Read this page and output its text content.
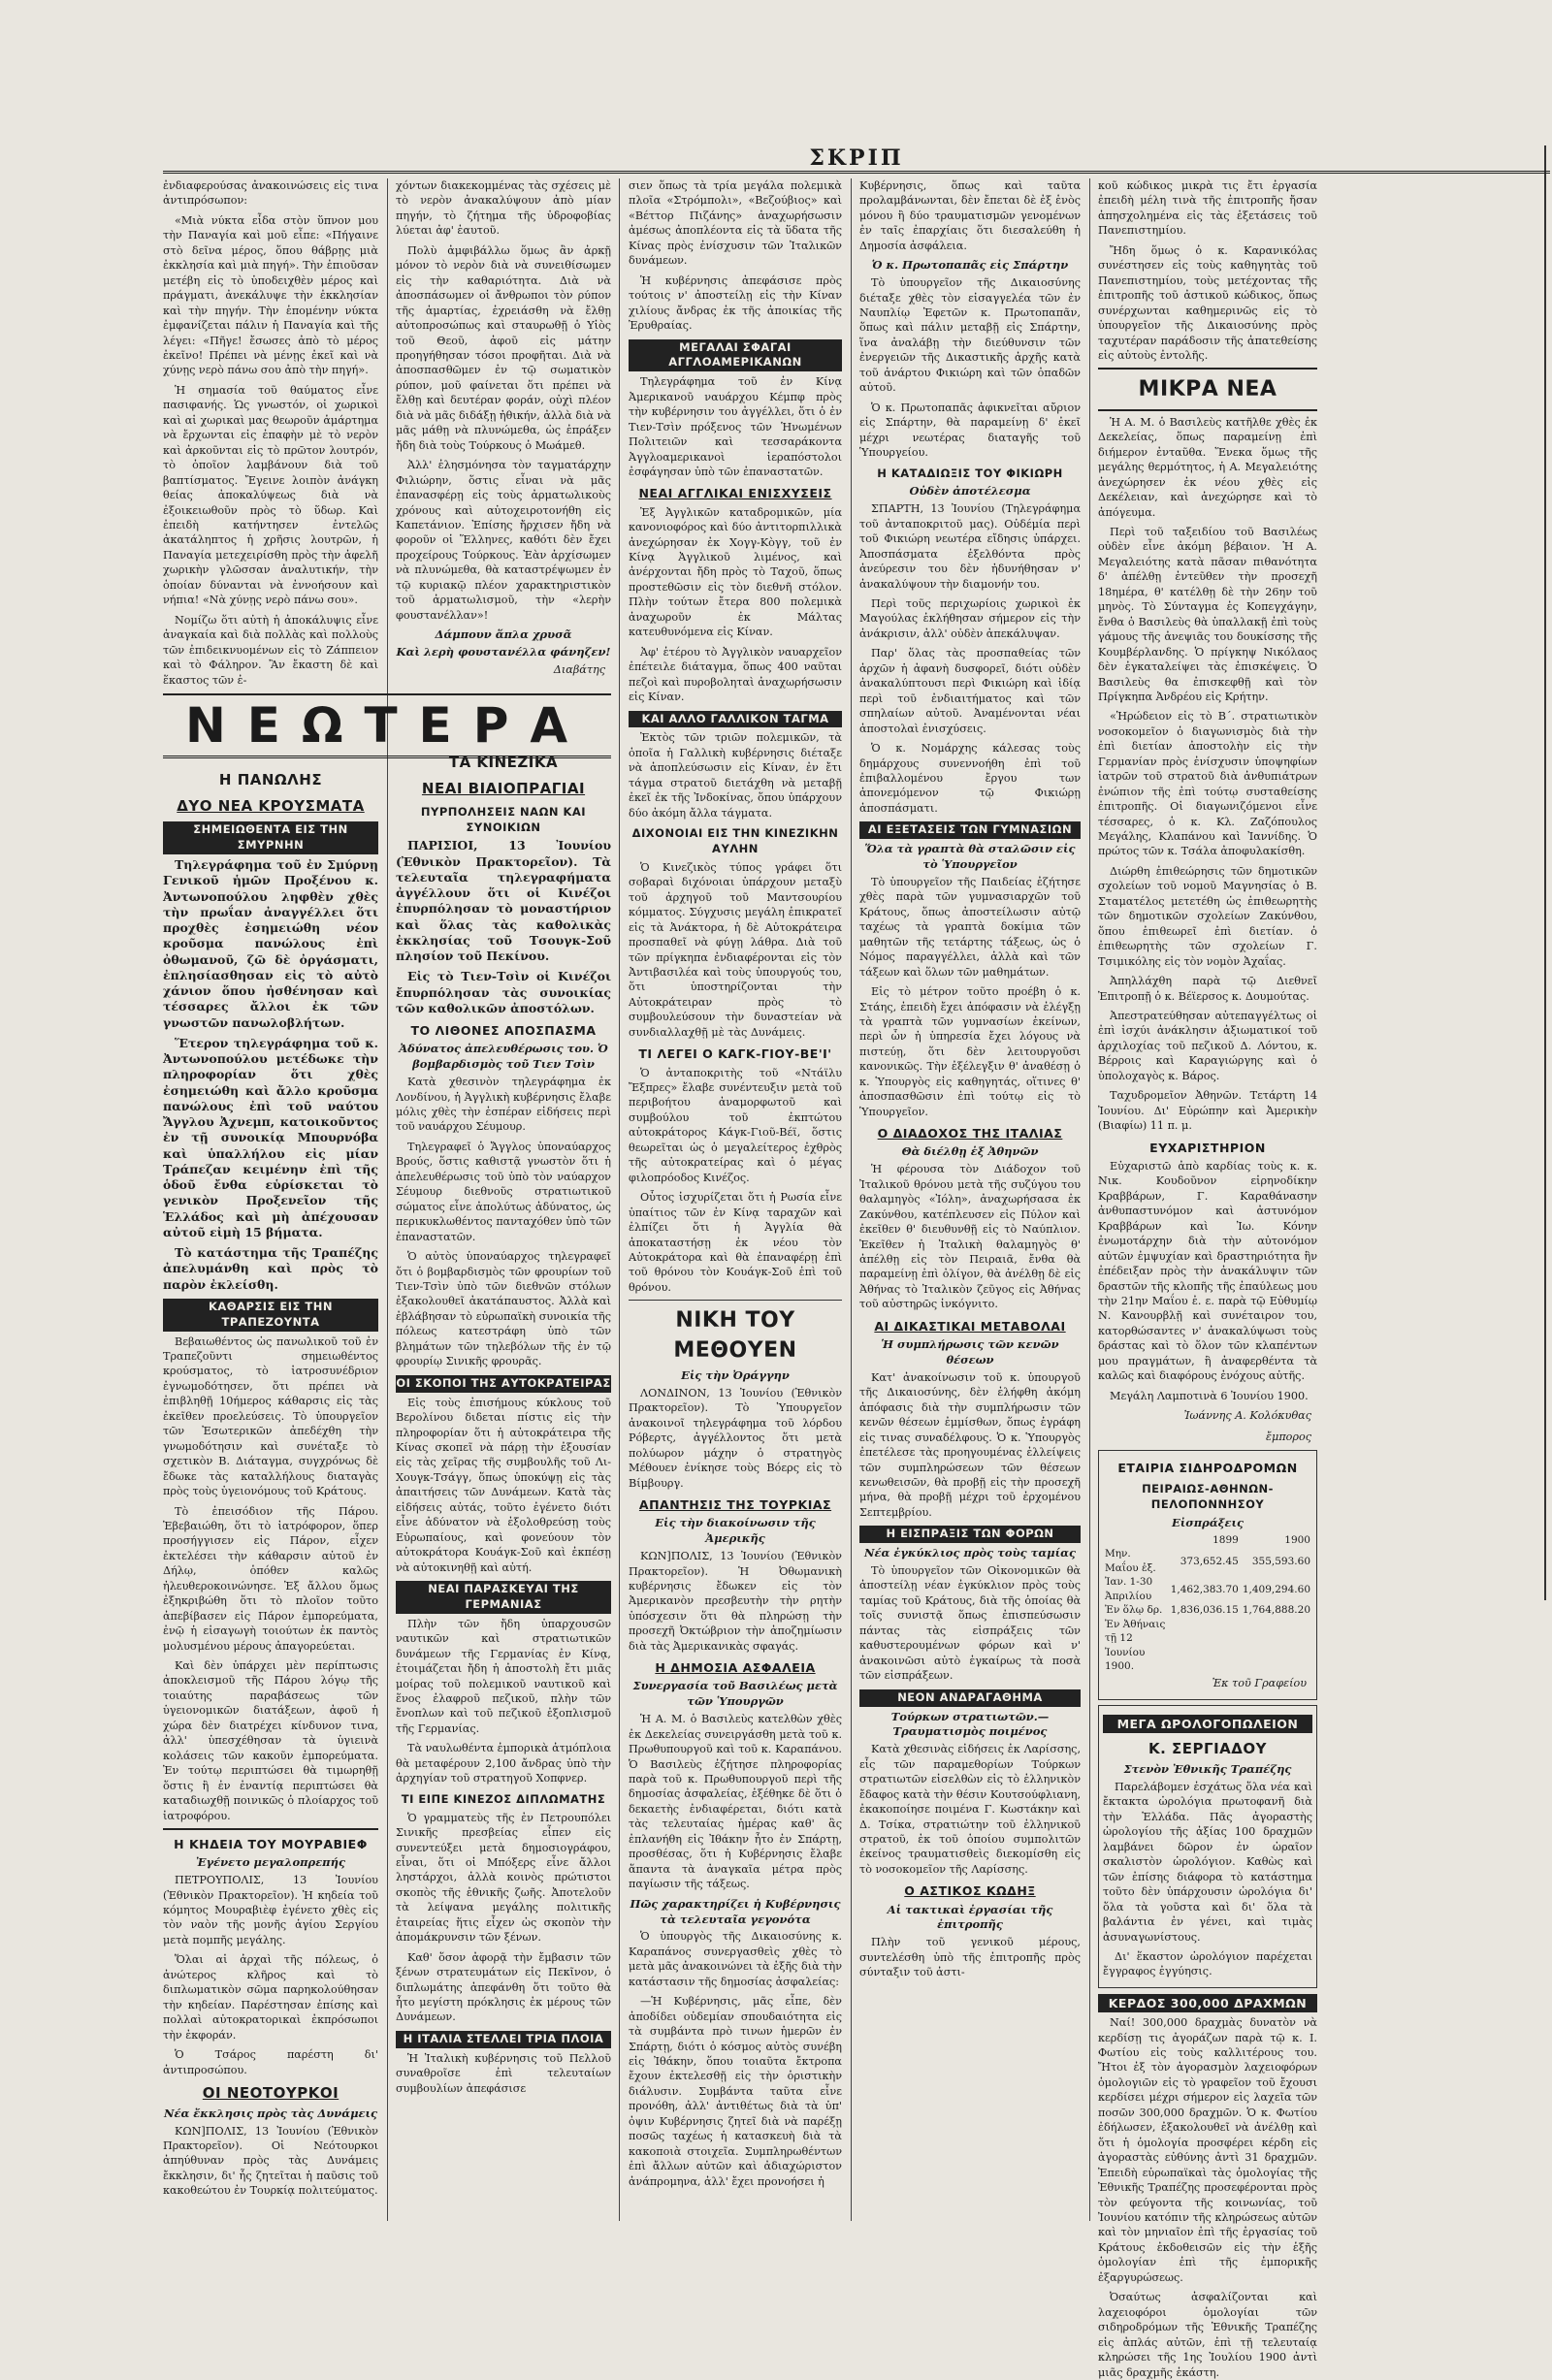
ΣΚΡΙΠ

ἐνδιαφερούσας ἀνακοινώσεις εἰς τινα ἀντιπρόσωπον:

«Μιὰ νύκτα εἶδα στὸν ὕπνον μου τὴν Παναγία καὶ μοῦ εἶπε: «Πήγαινε στὸ δεῖνα μέρος, ὅπου θάβρῃς μιὰ ἐκκλησία καὶ μιὰ πηγή». Τὴν ἐπιοῦσαν μετέβη εἰς τὸ ὑποδειχθὲν μέρος καὶ πράγματι, ἀνεκάλυψε τὴν ἐκκλησίαν καὶ τὴν πηγήν. Τὴν ἑπομένην νύκτα ἐμφανίζεται πάλιν ἡ Παναγία καὶ τῆς λέγει: «Πῆγε! ἔσωσες ἀπὸ τὸ μέρος ἐκεῖνο! Πρέπει νὰ μένῃς ἐκεῖ καὶ νὰ χύνῃς νερὸ πάνω σου ἀπὸ τὴν πηγή».

Ἡ σημασία τοῦ θαύματος εἶνε πασιφανής. Ὡς γνωστόν, οἱ χωρικοὶ καὶ αἱ χωρικαὶ μας θεωροῦν ἁμάρτημα νὰ ἔρχωνται εἰς ἐπαφὴν μὲ τὸ νερὸν καὶ ἀρκοῦνται εἰς τὸ πρῶτον λουτρόν, τὸ ὁποῖον λαμβάνουν διὰ τοῦ βαπτίσματος. Ἔγεινε λοιπὸν ἀνάγκη θείας ἀποκαλύψεως διὰ νὰ ἐξοικειωθοῦν πρὸς τὸ ὕδωρ. Καὶ ἐπειδὴ κατήντησεν ἐντελῶς ἀκατάληπτος ἡ χρῆσις λουτρῶν, ἡ Παναγία μετεχειρίσθη πρὸς τὴν ἀφελῆ χωρικὴν γλῶσσαν ἀναλυτικήν, τὴν ὁποίαν δύνανται νὰ ἐννοήσουν καὶ νήπια! «Νὰ χύνῃς νερὸ πάνω σου».

Νομίζω ὅτι αὐτὴ ἡ ἀποκάλυψις εἶνε ἀναγκαία καὶ διὰ πολλὰς καὶ πολλοὺς τῶν ἐπιδεικνυομένων εἰς τὸ Ζάππειον καὶ τὸ Φάληρον. Ἂν ἔκαστη δὲ καὶ ἕκαστος τῶν ἐ-

Η ΠΑΝΩΛΗΣ
ΔΥΟ ΝΕΑ ΚΡΟΥΣΜΑΤΑ
ΣΗΜΕΙΩΘΕΝΤΑ ΕΙΣ ΤΗΝ ΣΜΥΡΝΗΝ

Τηλεγράφημα τοῦ ἐν Σμύρνῃ Γενικοῦ ἡμῶν Προξένου κ. Ἀντωνοπούλου ληφθὲν χθὲς τὴν πρωΐαν ἀναγγέλλει ὅτι προχθὲς ἐσημειώθη νέον κροῦσμα πανώλους ἐπὶ ὀθωμανοῦ, ζῶ δὲ ὀργάσματι, ἐπλησίασθησαν εἰς τὸ αὐτὸ χάνιον ὅπου ἠσθένησαν καὶ τέσσαρες ἄλλοι ἐκ τῶν γνωστῶν πανωλοβλήτων.

Ἕτερον τηλεγράφημα τοῦ κ. Ἀντωνοπούλου μετέδωκε τὴν πληροφορίαν ὅτι χθὲς ἐσημειώθη καὶ ἄλλο κροῦσμα πανώλους ἐπὶ τοῦ ναύτου Ἄγγλου Ἀχνεμπ, κατοικοῦντος ἐν τῇ συνοικίᾳ Μπουρνόβα καὶ ὑπαλλήλου εἰς μίαν Τράπεζαν κειμένην ἐπὶ τῆς ὁδοῦ ἔνθα εὑρίσκεται τὸ γενικὸν Προξενεῖον τῆς Ἑλλάδος καὶ μὴ ἀπέχουσαν αὐτοῦ εἰμὴ 15 βήματα.

Τὸ κατάστημα τῆς Τραπέζης ἀπελυμάνθη καὶ πρὸς τὸ παρὸν ἐκλείσθη.

ΚΑΘΑΡΣΙΣ ΕΙΣ ΤΗΝ ΤΡΑΠΕΖΟΥΝΤΑ

Βεβαιωθέντος ὡς πανωλικοῦ τοῦ ἐν Τραπεζοῦντι σημειωθέντος κρούσματος, τὸ ἰατροσυνέδριον ἐγνωμοδότησεν, ὅτι πρέπει νὰ ἐπιβληθῇ 10ήμερος κάθαρσις εἰς τὰς ἐκεῖθεν προελεύσεις. Τὸ ὑπουργεῖον τῶν Ἐσωτερικῶν ἀπεδέχθη τὴν γνωμοδότησιν καὶ συνέταξε τὸ σχετικὸν Β. Διάταγμα, συγχρόνως δὲ ἔδωκε τὰς καταλλήλους διαταγὰς πρὸς τοὺς ὑγειονόμους τοῦ Κράτους.

Τὸ ἐπεισόδιον τῆς Πάρου. Ἐβεβαιώθη, ὅτι τὸ ἰατρόφορον, ὅπερ προσήγγισεν εἰς Πάρον, εἶχεν ἐκτελέσει τὴν κάθαρσιν αὐτοῦ ἐν Δήλῳ, ὁπόθεν καλῶς ἠλευθεροκοινώνησε. Ἐξ ἄλλου ὅμως ἐξηκριβώθη ὅτι τὸ πλοῖον τοῦτο ἀπεβίβασεν εἰς Πάρον ἐμπορεύματα, ἐνῷ ἡ εἰσαγωγὴ τοιούτων ἐκ παντὸς μολυσμένου μέρους ἀπαγορεύεται.

Καὶ δὲν ὑπάρχει μὲν περίπτωσις ἀποκλεισμοῦ τῆς Πάρου λόγῳ τῆς τοιαύτης παραβάσεως τῶν ὑγειονομικῶν διατάξεων, ἀφοῦ ἡ χώρα δὲν διατρέχει κίνδυνον τινα, ἀλλ' ὑπεσχέθησαν τὰ ὑγιεινὰ κολάσεις τῶν κακοῦν ἐμπορεύματα. Ἐν τούτῳ περιπτώσει θὰ τιμωρηθῇ ὅστις ἢ ἐν ἐναντίᾳ περιπτώσει θὰ καταδιωχθῇ ποινικῶς ὁ πλοίαρχος τοῦ ἰατροφόρου.

Η ΚΗΔΕΙΑ ΤΟΥ ΜΟΥΡΑΒΙΕΦ
Ἐγένετο μεγαλοπρεπής

ΠΕΤΡΟΥΠΟΛΙΣ, 13 Ἰουνίου (Ἐθνικὸν Πρακτορεῖον). Ἡ κηδεία τοῦ κόμητος Μουραβιὲφ ἐγένετο χθὲς εἰς τὸν ναὸν τῆς μονῆς ἁγίου Σεργίου μετὰ πομπῆς μεγάλης.

Ὅλαι αἱ ἀρχαὶ τῆς πόλεως, ὁ ἀνώτερος κλῆρος καὶ τὸ διπλωματικὸν σῶμα παρηκολούθησαν τὴν κηδείαν. Παρέστησαν ἐπίσης καὶ πολλαὶ αὐτοκρατορικαὶ ἐκπρόσωποι τὴν ἐκφοράν.

Ὁ Τσάρος παρέστη δι' ἀντιπροσώπου.

ΟΙ ΝΕΟΤΟΥΡΚΟΙ
Νέα ἔκκλησις πρὸς τὰς Δυνάμεις

ΚΩΝ]ΠΟΛΙΣ, 13 Ἰουνίου (Ἐθνικὸν Πρακτορεῖον). Οἱ Νεότουρκοι ἀπηύθυναν πρὸς τὰς Δυνάμεις ἔκκλησιν, δι' ἧς ζητεῖται ἡ παῦσις τοῦ κακοθεώτου ἐν Τουρκίᾳ πολιτεύματος.

χόντων διακεκομμένας τὰς σχέσεις μὲ τὸ νερὸν ἀνακαλύψουν ἀπὸ μίαν πηγήν, τὸ ζήτημα τῆς ὑδροφοβίας λύεται ἀφ' ἑαυτοῦ.

Πολὺ ἀμφιβάλλω ὅμως ἂν ἀρκῇ μόνον τὸ νερὸν διὰ νὰ συνειθίσωμεν εἰς τὴν καθαριότητα. Διὰ νὰ ἀποσπάσωμεν οἱ ἄνθρωποι τὸν ρύπον τῆς ἁμαρτίας, ἐχρειάσθη νὰ ἔλθῃ αὐτοπροσώπως καὶ σταυρωθῇ ὁ Υἱὸς τοῦ Θεοῦ, ἀφοῦ εἰς μάτην προηγήθησαν τόσοι προφῆται. Διὰ νὰ ἀποσπασθῶμεν ἐν τῷ σωματικὸν ρύπον, μοῦ φαίνεται ὅτι πρέπει νὰ ἔλθῃ καὶ δευτέραν φοράν, οὐχὶ πλέον διὰ νὰ μᾶς διδάξῃ ἠθικήν, ἀλλὰ διὰ νὰ μᾶς μάθῃ νὰ πλυνώμεθα, ὡς ἐπράξεν ἤδη διὰ τοὺς Τούρκους ὁ Μωάμεθ.

Ἀλλ' ἐλησμόνησα τὸν ταγματάρχην Φιλιώρην, ὅστις εἶναι νὰ μᾶς ἐπανασφέρῃ εἰς τοὺς ἀρματωλικοὺς χρόνους καὶ αὐτοχειροτονήθη εἰς Καπετάνιον. Ἐπίσης ἤρχισεν ἤδη νὰ φοροῦν οἱ Ἕλληνες, καθότι δὲν ἔχει προχείρους Τούρκους. Ἐὰν ἀρχίσωμεν νὰ πλυνώμεθα, θὰ καταστρέψωμεν ἐν τῷ κυριακῷ πλέον χαρακτηριστικὸν τοῦ ἀρματωλισμοῦ, τὴν «λερὴν φουστανέλλαν»!

Δάμπουν ἅπλα χρυσᾶ
Καὶ λερὴ φουστανέλλα φάνηζεν!
Διαβάτης
ΤΑ ΚΙΝΕΖΙΚΑ
ΝΕΑΙ ΒΙΑΙΟΠΡΑΓΙΑΙ
ΠΥΡΠΟΛΗΣΕΙΣ ΝΑΩΝ ΚΑΙ ΣΥΝΟΙΚΙΩΝ

ΠΑΡΙΣΙΟΙ, 13 Ἰουνίου (Ἐθνικὸν Πρακτορεῖον). Τὰ τελευταῖα τηλεγραφήματα ἀγγέλλουν ὅτι οἱ Κινέζοι ἐπυρπόλησαν τὸ μοναστήριον καὶ ὅλας τὰς καθολικὰς ἐκκλησίας τοῦ Τσουγκ-Σοῦ πλησίον τοῦ Πεκίνου.

Εἰς τὸ Τιεν-Τσὶν οἱ Κινέζοι ἔπυρπόλησαν τὰς συνοικίας τῶν καθολικῶν ἀποστόλων.

ΤΟ ΛΙΘΟΝΕΣ ΑΠΟΣΠΑΣΜΑ
Ἀδύνατος ἀπελευθέρωσις του. Ὁ βομβαρδισμὸς τοῦ Τιεν Τσὶν

Κατὰ χθεσινὸν τηλεγράφημα ἐκ Λονδίνου, ἡ Ἀγγλικὴ κυβέρνησις ἔλαβε μόλις χθὲς τὴν ἐσπέραν εἰδήσεις περὶ τοῦ ναυάρχου Σέυμουρ.

Τηλεγραφεῖ ὁ Ἄγγλος ὑποναύαρχος Βρούς, ὅστις καθιστᾷ γνωστὸν ὅτι ἡ ἀπελευθέρωσις τοῦ ὑπὸ τὸν ναύαρχον Σέυμουρ διεθνοῦς στρατιωτικοῦ σώματος εἶνε ἀπολύτως ἀδύνατος, ὡς περικυκλωθέντος πανταχόθεν ὑπὸ τῶν ἐπαναστατῶν.

Ὁ αὐτὸς ὑποναύαρχος τηλεγραφεῖ ὅτι ὁ βομβαρδισμὸς τῶν φρουρίων τοῦ Τιεν-Τσὶν ὑπὸ τῶν διεθνῶν στόλων ἐξακολουθεῖ ἀκατάπαυστος. Ἀλλὰ καὶ ἐβλάβησαν τὸ εὐρωπαϊκὴ συνοικία τῆς πόλεως κατεστράφη ὑπὸ τῶν βλημάτων τῶν τηλεβόλων τῆς ἐν τῷ φρουρίῳ Σινικῆς φρουρᾶς.

ΟΙ ΣΚΟΠΟΙ ΤΗΣ ΑΥΤΟΚΡΑΤΕΙΡΑΣ

Εἰς τοὺς ἐπισήμους κύκλους τοῦ Βερολίνου διδεται πίστις εἰς τὴν πληροφορίαν ὅτι ἡ αὐτοκράτειρα τῆς Κίνας σκοπεῖ νὰ πάρῃ τὴν ἐξουσίαν εἰς τὰς χεῖρας τῆς συμβουλῆς τοῦ Λι-Χουγκ-Τσάγγ, ὅπως ὑποκύψῃ εἰς τὰς ἀπαιτήσεις τῶν Δυνάμεων. Κατὰ τὰς εἰδήσεις αὐτάς, τοῦτο ἐγένετο διότι εἶνε ἀδύνατον νὰ ἐξολοθρεύσῃ τοὺς Εὐρωπαίους, καὶ φονεύουν τὸν αὐτοκράτορα Κουάγκ-Σοῦ καὶ ἐκπέσῃ νὰ αὐτοκινηθῇ καὶ αὐτή.

ΝΕΑΙ ΠΑΡΑΣΚΕΥΑΙ ΤΗΣ ΓΕΡΜΑΝΙΑΣ

Πλὴν τῶν ἤδη ὑπαρχουσῶν ναυτικῶν καὶ στρατιωτικῶν δυνάμεων τῆς Γερμανίας ἐν Κίνᾳ, ἑτοιμάζεται ἤδη ἡ ἀποστολὴ ἔτι μιᾶς μοίρας τοῦ πολεμικοῦ ναυτικοῦ καὶ ἕνος ἐλαφροῦ πεζικοῦ, πλὴν τῶν ἔνοπλων καὶ τοῦ πεζικοῦ ἐξοπλισμοῦ τῆς Γερμανίας.

Τὰ ναυλωθέντα ἐμπορικὰ ἀτμόπλοια θὰ μεταφέρουν 2,100 ἄνδρας ὑπὸ τὴν ἀρχηγίαν τοῦ στρατηγοῦ Χοπφνερ.

ΤΙ ΕΙΠΕ ΚΙΝΕΖΟΣ ΔΙΠΛΩΜΑΤΗΣ

Ὁ γραμματεὺς τῆς ἐν Πετρουπόλει Σινικῆς πρεσβείας εἶπεν εἰς συνεντεύξει μετὰ δημοσιογράφου, εἶναι, ὅτι οἱ Μπόξερς εἶνε ἄλλοι ληστάρχοι, ἀλλὰ κοινὸς πρώτιστοι σκοπὸς τῆς ἐθνικῆς ζωῆς. Ἀποτελοῦν τὰ λείψανα μεγάλης πολιτικῆς ἑταιρείας ἥτις εἶχεν ὡς σκοπὸν τὴν ἀπομάκρυνσιν τῶν ξένων.

Καθ' ὅσον ἀφορᾷ τὴν ἔμβασιν τῶν ξένων στρατευμάτων εἰς Πεκῖνον, ὁ διπλωμάτης ἀπεφάνθη ὅτι τοῦτο θὰ ἦτο μεγίστη πρόκλησις ἐκ μέρους τῶν Δυνάμεων.

Η ΙΤΑΛΙΑ ΣΤΕΛΛΕΙ ΤΡΙΑ ΠΛΟΙΑ

Ἡ Ἰταλικὴ κυβέρνησις τοῦ Πελλοῦ συναθροῖσε ἐπὶ τελευταίων συμβουλίων ἀπεφάσισε

ΝΕΩΤΕΡΑ

σιεν ὅπως τὰ τρία μεγάλα πολεμικὰ πλοῖα «Στρόμπολι», «Βεζούβιος» καὶ «Βέττορ Πιζάνης» ἀναχωρήσωσιν ἀμέσως ἀποπλέοντα εἰς τὰ ὕδατα τῆς Κίνας πρὸς ἐνίσχυσιν τῶν Ἰταλικῶν δυνάμεων.

Ἡ κυβέρνησις ἀπεφάσισε πρὸς τούτοις ν' ἀποστείλῃ εἰς τὴν Κίναν χιλίους ἄνδρας ἐκ τῆς ἀποικίας τῆς Ἐρυθραίας.

ΜΕΓΑΛΑΙ ΣΦΑΓΑΙ ΑΓΓΛΟΑΜΕΡΙΚΑΝΩΝ

Τηλεγράφημα τοῦ ἐν Κίνᾳ Ἀμερικανοῦ ναυάρχου Κέμπφ πρὸς τὴν κυβέρνησιν του ἀγγέλλει, ὅτι ὁ ἐν Τιεν-Τσὶν πρόξενος τῶν Ἡνωμένων Πολιτειῶν καὶ τεσσαράκοντα Ἀγγλοαμερικανοὶ ἱεραπόστολοι ἐσφάγησαν ὑπὸ τῶν ἐπαναστατῶν.

ΝΕΑΙ ΑΓΓΛΙΚΑΙ ΕΝΙΣΧΥΣΕΙΣ

Ἐξ Ἀγγλικῶν καταδρομικῶν, μία κανονιοφόρος καὶ δύο ἀντιτορπιλλικὰ ἀνεχώρησαν ἐκ Χογγ-Κὸγγ, τοῦ ἐν Κίνᾳ Ἀγγλικοῦ λιμένος, καὶ ἀνέρχονται ἤδη πρὸς τὸ Ταχοῦ, ὅπως προστεθῶσιν εἰς τὸν διεθνῆ στόλον. Πλὴν τούτων ἔτερα 800 πολεμικὰ ἀναχωροῦν ἐκ Μάλτας κατευθυνόμενα εἰς Κίναν.

Ἀφ' ἑτέρου τὸ Ἀγγλικὸν ναυαρχεῖον ἐπέτειλε διάταγμα, ὅπως 400 ναῦται πεζοὶ καὶ πυροβοληταὶ ἀναχωρήσωσιν εἰς Κίναν.

ΚΑΙ ΑΛΛΟ ΓΑΛΛΙΚΟΝ ΤΑΓΜΑ

Ἐκτὸς τῶν τριῶν πολεμικῶν, τὰ ὁποῖα ἡ Γαλλικὴ κυβέρνησις διέταξε νὰ ἀποπλεύσωσιν εἰς Κίναν, ἐν ἔτι τάγμα στρατοῦ διετάχθη νὰ μεταβῇ ἐκεῖ ἐκ τῆς Ἰνδοκίνας, ὅπου ὑπάρχουν δύο ἀκόμη ἄλλα τάγματα.

ΔΙΧΟΝΟΙΑΙ ΕΙΣ ΤΗΝ ΚΙΝΕΖΙΚΗΝ ΑΥΛΗΝ

Ὁ Κινεζικὸς τύπος γράφει ὅτι σοβαραὶ διχόνοιαι ὑπάρχουν μεταξὺ τοῦ ἀρχηγοῦ τοῦ Μαντσουρίου κόμματος. Σύγχυσις μεγάλη ἐπικρατεῖ εἰς τὰ Ἀνάκτορα, ἡ δὲ Αὐτοκράτειρα προσπαθεῖ νὰ φύγῃ λάθρα. Διὰ τοῦ τῶν πρίγκηπα ἐνδιαφέρονται εἰς τὸν Ἀντιβασιλέα καὶ τοὺς ὑπουργούς του, ὅτι ὑποστηρίζονται τὴν Αὐτοκράτειραν πρὸς τὸ συμβουλεύσουν τὴν δυναστείαν νὰ συνδιαλλαχθῇ μὲ τὰς Δυνάμεις.

ΤΙ ΛΕΓΕΙ Ο ΚΑΓΚ-ΓΙΟΥ-ΒΕ'Ι'

Ὁ ἀνταποκριτὴς τοῦ «Ντάϊλυ Ἔξπρες» ἔλαβε συνέντευξιν μετὰ τοῦ περιβοήτου ἀναμορφωτοῦ καὶ συμβούλου τοῦ ἐκπτώτου αὐτοκράτορος Κάγκ-Γιοῦ-Βέϊ, ὅστις θεωρεῖται ὡς ὁ μεγαλείτερος ἐχθρὸς τῆς αὐτοκρατείρας καὶ ὁ μέγας φιλοπρόοδος Κινέζος.

Οὗτος ἰσχυρίζεται ὅτι ἡ Ρωσία εἶνε ὑπαίτιος τῶν ἐν Κίνᾳ ταραχῶν καὶ ἐλπίζει ὅτι ἡ Ἀγγλία θὰ ἀποκαταστήσῃ ἐκ νέου τὸν Αὐτοκράτορα καὶ θὰ ἐπαναφέρῃ ἐπὶ τοῦ θρόνου τὸν Κουάγκ-Σοῦ ἐπὶ τοῦ θρόνου.

ΝΙΚΗ ΤΟΥ ΜΕΘΟΥΕΝ
Εἰς τὴν Ὀράγγην

ΛΟΝΔΙΝΟΝ, 13 Ἰουνίου (Ἐθνικὸν Πρακτορεῖον). Τὸ Ὑπουργεῖον ἀνακοινοῖ τηλεγράφημα τοῦ λόρδου Ρόβερτς, ἀγγέλλοντος ὅτι μετὰ πολύωρον μάχην ὁ στρατηγὸς Μέθουεν ἐνίκησε τοὺς Βόερς εἰς τὸ Βίμβουργ.

ΑΠΑΝΤΗΣΙΣ ΤΗΣ ΤΟΥΡΚΙΑΣ
Εἰς τὴν διακοίνωσιν τῆς Ἀμερικῆς

ΚΩΝ]ΠΟΛΙΣ, 13 Ἰουνίου (Ἐθνικὸν Πρακτορεῖον). Ἡ Ὀθωμανικὴ κυβέρνησις ἔδωκεν εἰς τὸν Ἀμερικανὸν πρεσβευτὴν τὴν ρητὴν ὑπόσχεσιν ὅτι θὰ πληρώσῃ τὴν προσεχῆ Ὀκτώβριον τὴν ἀποζημίωσιν διὰ τὰς Ἀμερικανικὰς σφαγάς.

Η ΔΗΜΟΣΙΑ ΑΣΦΑΛΕΙΑ
Συνεργασία τοῦ Βασιλέως μετὰ τῶν Ὑπουργῶν

Ἡ Α. Μ. ὁ Βασιλεὺς κατελθὼν χθὲς ἐκ Δεκελείας συνειργάσθη μετὰ τοῦ κ. Πρωθυπουργοῦ καὶ τοῦ κ. Καραπάνου. Ὁ Βασιλεὺς ἐζήτησε πληροφορίας παρὰ τοῦ κ. Πρωθυπουργοῦ περὶ τῆς δημοσίας ἀσφαλείας, ἐξέθηκε δὲ ὅτι ὁ δεκαετὴς ἐνδιαφέρεται, διότι κατὰ τὰς τελευταίας ἡμέρας καθ' ἃς ἐπλανήθη εἰς Ἰθάκην ἦτο ἐν Σπάρτῃ, προσθέσας, ὅτι ἡ Κυβέρνησις ἔλαβε ἅπαντα τὰ ἀναγκαῖα μέτρα πρὸς παγίωσιν τῆς τάξεως.

Πῶς χαρακτηρίζει ἡ Κυβέρνησις τὰ τελευταῖα γεγονότα

Ὁ ὑπουργὸς τῆς Δικαιοσύνης κ. Καραπάνος συνεργασθεὶς χθὲς τὸ μετὰ μᾶς ἀνακοινώνει τὰ ἑξῆς διὰ τὴν κατάστασιν τῆς δημοσίας ἀσφαλείας:

—Ἡ Κυβέρνησις, μᾶς εἶπε, δὲν ἀποδίδει οὐδεμίαν σπουδαιότητα εἰς τὰ συμβάντα πρὸ τινων ἡμερῶν ἐν Σπάρτῃ, διότι ὁ κόσμος αὐτὸς συνέβη εἰς Ἰθάκην, ὅπου τοιαῦτα ἔκτροπα ἔχουν ἐκτελεσθῇ εἰς τὴν ὁριστικὴν διάλυσιν. Συμβάντα ταῦτα εἶνε προνόθη, ἀλλ' ἀντιθέτως διὰ τὰ ὑπ' ὀψιν Κυβέρνησις ζητεῖ διὰ νὰ παρέξῃ ποσῶς ταχέως ἡ κατασκευὴ διὰ τὰ κακοποιὰ στοιχεῖα. Συμπληρωθέντων ἐπὶ ἄλλων αὐτῶν καὶ ἀδιαχώριστον ἀνάπρομηνα, ἀλλ' ἔχει προνοήσει ἡ

Κυβέρνησις, ὅπως καὶ ταῦτα προλαμβάνωνται, δὲν ἔπεται δὲ ἐξ ἑνὸς μόνου ἢ δύο τραυματισμῶν γενομένων ἐν ταῖς ἐπαρχίαις ὅτι διεσαλεύθη ἡ Δημοσία ἀσφάλεια.

Ὁ κ. Πρωτοπαπᾶς εἰς Σπάρτην

Τὸ ὑπουργεῖον τῆς Δικαιοσύνης διέταξε χθὲς τὸν εἰσαγγελέα τῶν ἐν Ναυπλίῳ Ἐφετῶν κ. Πρωτοπαπᾶν, ὅπως καὶ πάλιν μεταβῇ εἰς Σπάρτην, ἵνα ἀναλάβῃ τὴν διεύθυνσιν τῶν ἐνεργειῶν τῆς Δικαστικῆς ἀρχῆς κατὰ τοῦ ἀνάρτου Φικιώρη καὶ τῶν ὀπαδῶν αὐτοῦ.

Ὁ κ. Πρωτοπαπᾶς ἀφικνεῖται αὔριον εἰς Σπάρτην, θὰ παραμείνῃ δ' ἐκεῖ μέχρι νεωτέρας διαταγῆς τοῦ Ὑπουργείου.

Η ΚΑΤΑΔΙΩΞΙΣ ΤΟΥ ΦΙΚΙΩΡΗ
Οὐδὲν ἀποτέλεσμα

ΣΠΑΡΤΗ, 13 Ἰουνίου (Τηλεγράφημα τοῦ ἀνταποκριτοῦ μας). Οὐδέμία περὶ τοῦ Φικιώρη νεωτέρα εἴδησις ὑπάρχει. Ἀποσπάσματα ἐξελθόντα πρὸς ἀνεύρεσιν του δὲν ἠδυνήθησαν ν' ἀνακαλύψουν τὴν διαμονήν του.

Περὶ τοῦς περιχωρίοις χωρικοὶ ἐκ Μαγούλας ἐκλήθησαν σήμερον εἰς τὴν ἀνάκρισιν, ἀλλ' οὐδὲν ἀπεκάλυψαν.

Παρ' ὅλας τὰς προσπαθείας τῶν ἀρχῶν ἡ ἀφανὴ δυσφορεῖ, διότι οὐδὲν ἀνακαλύπτουσι περὶ Φικιώρη καὶ ἰδίᾳ περὶ τοῦ ἐνδιαιτήματος καὶ τῶν σπηλαίων αὐτοῦ. Ἀναμένονται νέαι ἀποστολαὶ ἐνισχύσεις.

Ὁ κ. Νομάρχης κάλεσας τοὺς δημάρχους συνεννοήθη ἐπὶ τοῦ ἐπιβαλλομένου ἔργου των ἀπονεμόμενον τῷ Φικιώρῃ ἀποσπάσματι.

ΑΙ ΕΞΕΤΑΣΕΙΣ ΤΩΝ ΓΥΜΝΑΣΙΩΝ
Ὅλα τὰ γραπτὰ θὰ σταλῶσιν εἰς τὸ Ὑπουργεῖον

Τὸ ὑπουργεῖον τῆς Παιδείας ἐζήτησε χθὲς παρὰ τῶν γυμνασιαρχῶν τοῦ Κράτους, ὅπως ἀποστείλωσιν αὐτῷ ταχέως τὰ γραπτὰ δοκίμια τῶν μαθητῶν τῆς τετάρτης τάξεως, ὡς ὁ Νόμος παραγγέλλει, ἀλλὰ καὶ τῶν τάξεων καὶ ὅλων τῶν μαθημάτων.

Εἰς τὸ μέτρον τοῦτο προέβη ὁ κ. Στάης, ἐπειδὴ ἔχει ἀπόφασιν νὰ ἐλέγξῃ τὰ γραπτὰ τῶν γυμνασίων ἐκείνων, περὶ ὧν ἡ ὑπηρεσία ἔχει λόγους νὰ πιστεύῃ, ὅτι δὲν λειτουργοῦσι κανονικῶς. Τὴν ἐξέλεγξιν θ' ἀναθέσῃ ὁ κ. Ὑπουργὸς εἰς καθηγητάς, οἵτινες θ' ἀποσπασθῶσιν ἐπὶ τούτῳ εἰς τὸ Ὑπουργεῖον.

Ο ΔΙΑΔΟΧΟΣ ΤΗΣ ΙΤΑΛΙΑΣ
Θὰ διέλθῃ ἐξ Ἀθηνῶν

Ἡ φέρουσα τὸν Διάδοχον τοῦ Ἰταλικοῦ θρόνου μετὰ τῆς συζύγου του θαλαμηγὸς «Ἰόλη», ἀναχωρήσασα ἐκ Ζακύνθου, κατέπλευσεν εἰς Πύλον καὶ ἐκεῖθεν θ' διευθυνθῇ εἰς τὸ Ναύπλιον. Ἐκεῖθεν ἡ Ἰταλικὴ θαλαμηγὸς θ' ἀπέλθῃ εἰς τὸν Πειραιᾶ, ἔνθα θὰ παραμείνῃ ἐπὶ ὀλίγον, θὰ ἀνέλθῃ δὲ εἰς Ἀθήνας τὸ Ἰταλικὸν ζεῦγος εἰς Ἀθήνας τοῦ αὐστηρῶς ἰνκόγνιτο.

ΑΙ ΔΙΚΑΣΤΙΚΑΙ ΜΕΤΑΒΟΛΑΙ
Ἡ συμπλήρωσις τῶν κενῶν θέσεων

Κατ' ἀνακοίνωσιν τοῦ κ. ὑπουργοῦ τῆς Δικαιοσύνης, δὲν ἐλήφθη ἀκόμη ἀπόφασις διὰ τὴν συμπλήρωσιν τῶν κενῶν θέσεων ἐμμίσθων, ὅπως ἐγράφη εἰς τινας συναδέλφους. Ὁ κ. Ὑπουργὸς ἐπετέλεσε τὰς προηγουμένας ἐλλείψεις τῶν συμπληρώσεων τῶν θέσεων κενωθεισῶν, θὰ προβῇ εἰς τὴν προσεχῆ μήνα, θὰ προβῇ μέχρι τοῦ ἐρχομένου Σεπτεμβρίου.

Η ΕΙΣΠΡΑΞΙΣ ΤΩΝ ΦΟΡΩΝ
Νέα ἐγκύκλιος πρὸς τοὺς ταμίας

Τὸ ὑπουργεῖον τῶν Οἰκονομικῶν θὰ ἀποστείλῃ νέαν ἐγκύκλιον πρὸς τοὺς ταμίας τοῦ Κράτους, διὰ τῆς ὁποίας θὰ τοῖς συνιστᾷ ὅπως ἐπισπεύσωσιν πάντας τὰς εἰσπράξεις τῶν καθυστερουμένων φόρων καὶ ν' ἀνακοινῶσι αὐτὸ ἐγκαίρως τὰ ποσὰ τῶν εἰσπράξεων.

ΝΕΟΝ ΑΝΔΡΑΓΑΘΗΜΑ
Τούρκων στρατιωτῶν.—Τραυματισμὸς ποιμένος

Κατὰ χθεσινὰς εἰδήσεις ἐκ Λαρίσσης, εἷς τῶν παραμεθορίων Τούρκων στρατιωτῶν εἰσελθὼν εἰς τὸ ἑλληνικὸν ἔδαφος κατὰ τὴν θέσιν Κουτσούφλιανη, ἐκακοποίησε ποιμένα Γ. Κωστάκην καὶ Δ. Τσίκα, στρατιώτην τοῦ ἑλληνικοῦ στρατοῦ, ἐκ τοῦ ὁποίου συμπολιτῶν ἐκείνος τραυματισθεὶς διεκομίσθη εἰς τὸ νοσοκομεῖον τῆς Λαρίσσης.

Ο ΑΣΤΙΚΟΣ ΚΩΔΗΞ
Αἱ τακτικαὶ ἐργασίαι τῆς ἐπιτροπῆς

Πλὴν τοῦ γενικοῦ μέρους, συντελέσθη ὑπὸ τῆς ἐπιτροπῆς πρὸς σύνταξιν τοῦ ἀστι-

κοῦ κώδικος μικρὰ τις ἔτι ἐργασία ἐπειδὴ μέλη τινὰ τῆς ἐπιτροπῆς ἤσαν ἀπησχολημένα εἰς τὰς ἐξετάσεις τοῦ Πανεπιστημίου.

Ἤδη ὅμως ὁ κ. Καρανικόλας συνέστησεν εἰς τοὺς καθηγητὰς τοῦ Πανεπιστημίου, τοὺς μετέχοντας τῆς ἐπιτροπῆς τοῦ ἀστικοῦ κώδικος, ὅπως συνέρχωνται καθημερινῶς εἰς τὸ ὑπουργεῖον τῆς Δικαιοσύνης πρὸς ταχυτέραν παράδοσιν τῆς ἀπατεθείσης εἰς αὐτοὺς ἐντολῆς.

ΜΙΚΡΑ ΝΕΑ

Ἡ Α. Μ. ὁ Βασιλεὺς κατῆλθε χθὲς ἐκ Δεκελείας, ὅπως παραμείνῃ ἐπὶ διήμερον ἐνταῦθα. Ἕνεκα ὅμως τῆς μεγάλης θερμότητος, ἡ Α. Μεγαλειότης ἀνεχώρησεν ἐκ νέου χθὲς εἰς Δεκέλειαν, καὶ ἀνεχώρησε καὶ τὸ ἀπόγευμα.

Περὶ τοῦ ταξειδίου τοῦ Βασιλέως οὐδὲν εἶνε ἀκόμη βέβαιον. Ἡ Α. Μεγαλειότης κατὰ πᾶσαν πιθανότητα δ' ἀπέλθῃ ἐντεῦθεν τὴν προσεχῆ 18ημέρα, θ' κατέλθῃ δὲ τὴν 26ην τοῦ μηνὸς. Τὸ Σύνταγμα ἐς Κοπεγχάγην, ἔνθα ὁ Βασιλεὺς θὰ ὑπαλλακῇ ἐπὶ τοὺς γάμους τῆς ἀνεψιᾶς του δουκίσσης τῆς Κουμβέρλανδης. Ὁ πρίγκηψ Νικόλαος δὲν ἐγκαταλείψει τὰς ἐπισκέψεις. Ὁ Βασιλεὺς θα ἐπισκεφθῇ καὶ τὸν Πρίγκηπα Ἀνδρέου εἰς Κρήτην.

«Ἡρώδειον εἰς τὸ Β΄. στρατιωτικὸν νοσοκομεῖον ὁ διαγωνισμὸς διὰ τὴν ἐπὶ διετίαν ἀποστολὴν εἰς τὴν Γερμανίαν πρὸς ἐνίσχυσιν ὑποψηφίων ἰατρῶν τοῦ στρατοῦ διὰ ἀνθυπιάτρων ἐνώπιον τῆς ἐπὶ τούτῳ συσταθείσης ἐπιτροπῆς. Οἱ διαγωνιζόμενοι εἶνε τέσσαρες, ὁ κ. Κλ. Ζαζόπουλος Μεγάλης, Κλαπάνου καὶ Ἰαννίδης. Ὁ πρώτος τῶν κ. Τσάλα ἀποφυλακίσθη.

Διώρθη ἐπιθεώρησις τῶν δημοτικῶν σχολείων τοῦ νομοῦ Μαγνησίας ὁ Β. Σταματέλος μετετέθη ὡς ἐπιθεωρητὴς τῶν δημοτικῶν σχολείων Ζακύνθου, ὅπου ἐπιθεωρεῖ ἐπὶ διετίαν. ὁ ἐπιθεωρητὴς τῶν σχολείων Γ. Τσιμικόλης εἰς τὸν νομὸν Ἀχαΐας.

Ἀπηλλάχθη παρὰ τῷ Διεθνεῖ Ἐπιτροπῇ ὁ κ. Βέϊερσος κ. Δουμούτας.

Ἀπεστρατεύθησαν αὐτεπαγγέλτως οἱ ἐπὶ ἰσχύι ἀνάκλησιν ἀξιωματικοί τοῦ ἀρχιλοχίας τοῦ πεζικοῦ Δ. Λόντου, κ. Βέρροις καὶ Καραγιώργης καὶ ὁ ὑπολοχαγὸς κ. Βάρος.

Ταχυδρομεῖον Ἀθηνῶν. Τετάρτη 14 Ἰουνίου. Δι' Εὐρώπην καὶ Ἀμερικὴν (Βιαφίω) 11 π. μ.

ΕΥΧΑΡΙΣΤΗΡΙΟΝ

Εὐχαριστῶ ἀπὸ καρδίας τοὺς κ. κ. Νικ. Κουδοῦνον εἰρηνοδίκην Κραββάρων, Γ. Καραθάνασην ἀνθυπαστυνόμον καὶ ἀστυνόμον Κραββάρων καὶ Ἰω. Κόνην ἐνωμοτάρχην διὰ τὴν αὐτονόμον αὐτῶν ἐμψυχίαν καὶ δραστηριότητα ἣν ἐπέδειξαν πρὸς τὴν ἀνακάλυψιν τῶν δραστῶν τῆς κλοπῆς τῆς ἐπαύλεως μου τὴν 21ην Μαΐου ἐ. ε. παρὰ τῷ Εὐθυμίῳ Ν. Κανουρβλῇ καὶ συνέταιρον του, κατορθώσαντες ν' ἀνακαλύψωσι τοὺς δράστας καὶ τὸ ὅλον τῶν κλαπέντων μου πραγμάτων, ἣ ἀναφερθέντα τὰ καλῶς καὶ διαφόρους ἐνόχους αὐτῆς.

Μεγάλη Λαμποτινὰ 6 Ἰουνίου 1900.

Ἰωάννης Α. Κολόκυθας
ἔμπορος
ΕΤΑΙΡΙΑ ΣΙΔΗΡΟΔΡΟΜΩΝ
ΠΕΙΡΑΙΩΣ-ΑΘΗΝΩΝ-ΠΕΛΟΠΟΝΝΗΣΟΥ
Εἰσπράξεις
	1899	1900
Μην. Μαΐου ἐξ.	373,652.45	355,593.60
Ἰαν. 1-30 Ἀπριλίου	1,462,383.70	1,409,294.60
Ἐν ὅλῳ δρ.	1,836,036.15	1,764,888.20
Ἐν Ἀθήναις τῇ 12 Ἰουνίου 1900.		
Ἐκ τοῦ Γραφείου
ΜΕΓΑ ΩΡΟΛΟΓΟΠΩΛΕΙΟΝ
Κ. ΣΕΡΓΙΑΔΟΥ
Στενὸν Ἐθνικῆς Τραπέζης

Παρελάβομεν ἐσχάτως ὅλα νέα καὶ ἔκτακτα ὡρολόγια πρωτοφανῆ διὰ τὴν Ἑλλάδα. Πᾶς ἀγοραστὴς ὡρολογίου τῆς ἀξίας 100 δραχμῶν λαμβάνει δῶρον ἐν ὡραῖον σκαλιστὸν ὡρολόγιον. Καθὼς καὶ τῶν ἐπίσης διάφορα τὸ κατάστημα τοῦτο δὲν ὑπάρχουσιν ὡρολόγια δι' ὅλα τὰ γοῦστα καὶ δι' ὅλα τὰ βαλάντια ἐν γένει, καὶ τιμὰς ἀσυναγωνίστους.

Δι' ἕκαστον ὡρολόγιον παρέχεται ἔγγραφος ἐγγύησις.

ΚΕΡΔΟΣ 300,000 ΔΡΑΧΜΩΝ

Ναί! 300,000 δραχμὰς δυνατὸν νὰ κερδίσῃ τις ἀγοράζων παρὰ τῷ κ. Ι. Φωτίου εἰς τοὺς καλλιτέρους του. Ἤτοι ἐξ τὸν ἀγορασμὸν λαχειοφόρων ὁμολογιῶν εἰς τὸ γραφεῖον τοῦ ἔχουσι κερδίσει μέχρι σήμερον εἰς λαχεῖα τῶν ποσῶν 300,000 δραχμῶν. Ὁ κ. Φωτίου ἐδήλωσεν, ἐξακολουθεῖ νὰ ἀνέλθῃ καὶ ὅτι ἡ ὁμολογία προσφέρει κέρδη εἰς ἀγοραστὰς εὐθύνης ἀντὶ 31 δραχμῶν. Ἐπειδὴ εὐρωπαϊκαὶ τὰς ὁμολογίας τῆς Ἐθνικῆς Τραπέζης προσεφέρονται πρὸς τὸν φεύγοντα τῆς κοινωνίας, τοῦ Ἰουνίου κατόπιν τῆς κληρώσεως αὐτῶν καὶ τὸν μηνιαῖον ἐπὶ τῆς ἐργασίας τοῦ Κράτους ἐκδοθεισῶν εἰς τὴν ἑξῆς ὁμολογίαν ἐπὶ τῆς ἐμπορικῆς ἐξαργυρώσεως.

Ὀσαύτως ἀσφαλίζονται καὶ λαχειοφόροι ὁμολογίαι τῶν σιδηροδρόμων τῆς Ἐθνικῆς Τραπέζης εἰς ἀπλάς αὐτῶν, ἐπὶ τῇ τελευταίᾳ κληρώσει τῆς 1ης Ἰουλίου 1900 ἀντὶ μιᾶς δραχμῆς ἑκάστη.
